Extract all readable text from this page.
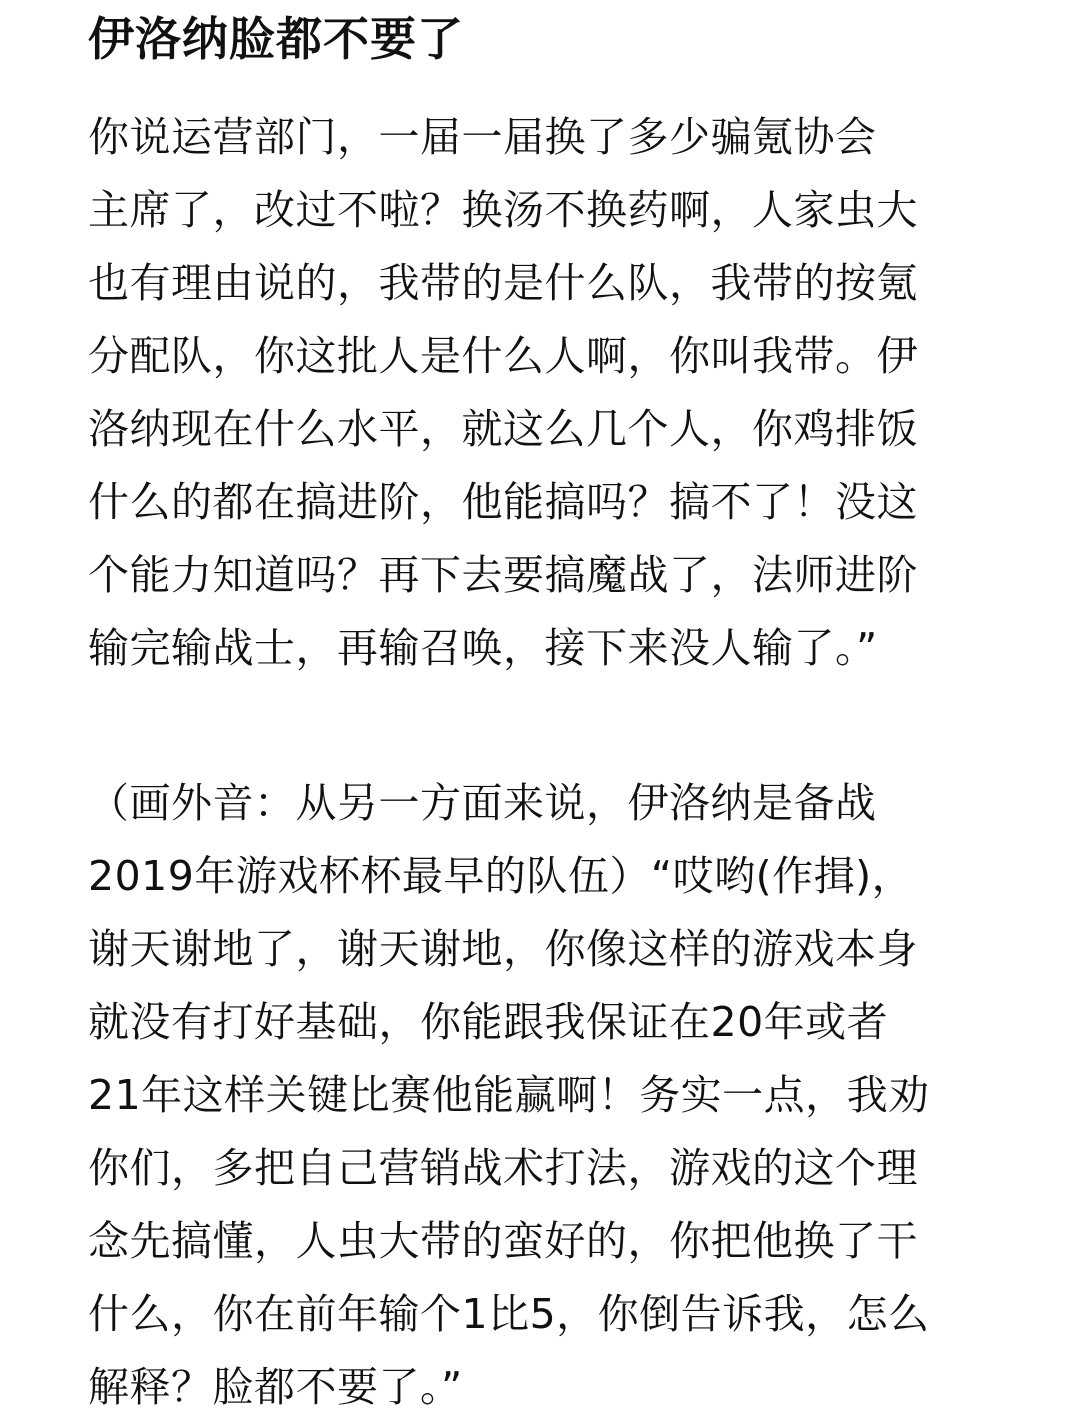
伊洛纳脸都不要了
你说运营部门，一届一届换了多少骗氪协会
主席了，改过不啦？换汤不换药啊，人家虫大
也有理由说的，我带的是什么队，我带的按氪
分配队，你这批人是什么人啊，你叫我带。伊
洛纳现在什么水平，就这么几个人，你鸡排饭
什么的都在搞进阶，他能搞吗？搞不了！没这
个能力知道吗？再下去要搞魔战了，法师进阶
输完输战士，再输召唤，接下来没人输了。”
（画外音：从另一方面来说，伊洛纳是备战
2019年游戏杯杯最早的队伍）“哎哟(作揖)，
谢天谢地了，谢天谢地，你像这样的游戏本身
就没有打好基础，你能跟我保证在20年或者
21年这样关键比赛他能赢啊！务实一点，我劝
你们，多把自己营销战术打法，游戏的这个理
念先搞懂，人虫大带的蛮好的，你把他换了干
什么，你在前年输个1比5，你倒告诉我，怎么
解释？脸都不要了。”
